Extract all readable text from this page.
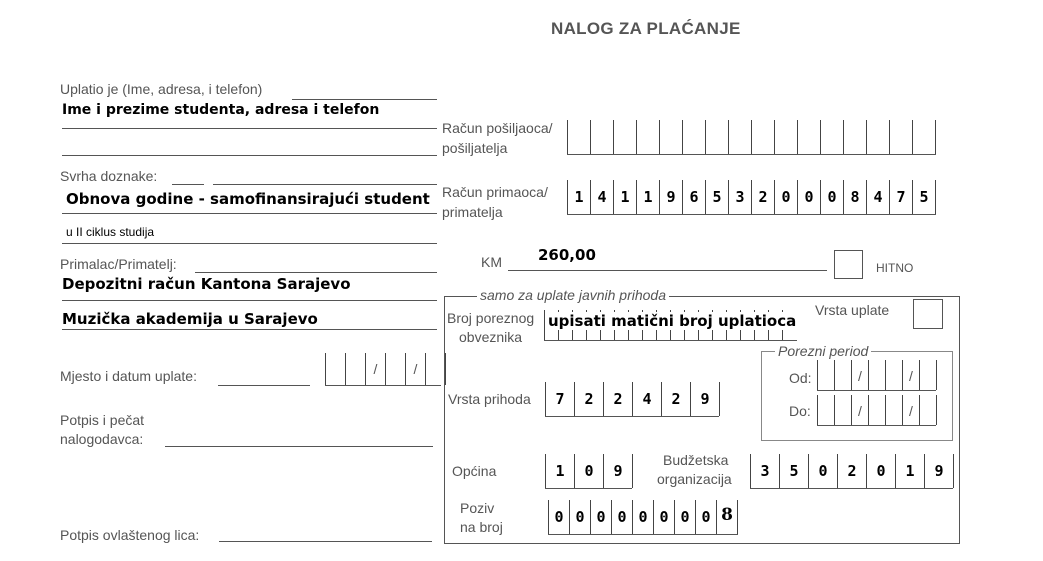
NALOG ZA PLAĆANJE
Uplatio je (Ime, adresa, i telefon)
Ime i prezime studenta, adresa i telefon
Svrha doznake:
Obnova godine - samofinansirajući student
u II ciklus studija
Primalac/Primatelj:
Depozitni račun Kantona Sarajevo
Muzička akademija u Sarajevo
Mjesto i datum uplate:	/	/
Potpis i pečat
nalogodavca:
Potpis ovlaštenog lica:
Račun pošiljaoca/
pošiljatelja
Račun primaoca/
primatelja
1 4 1 1 9 6 5 3 2 0 0 0 8 4 7 5
KM 260,00
HITNO
samo za uplate javnih prihoda
Broj poreznog
obveznika
upisati matični broj uplatioca
Vrsta uplate
Porezni period
Od:	/	/
Do:	/	/
Vrsta prihoda	7	2	2	4	2	9
Općina	1	0	9
Budžetska
organizacija	3	5	0	2	0	1	9
Poziv
na broj
0 0 0 0 0 0 0 0 8
